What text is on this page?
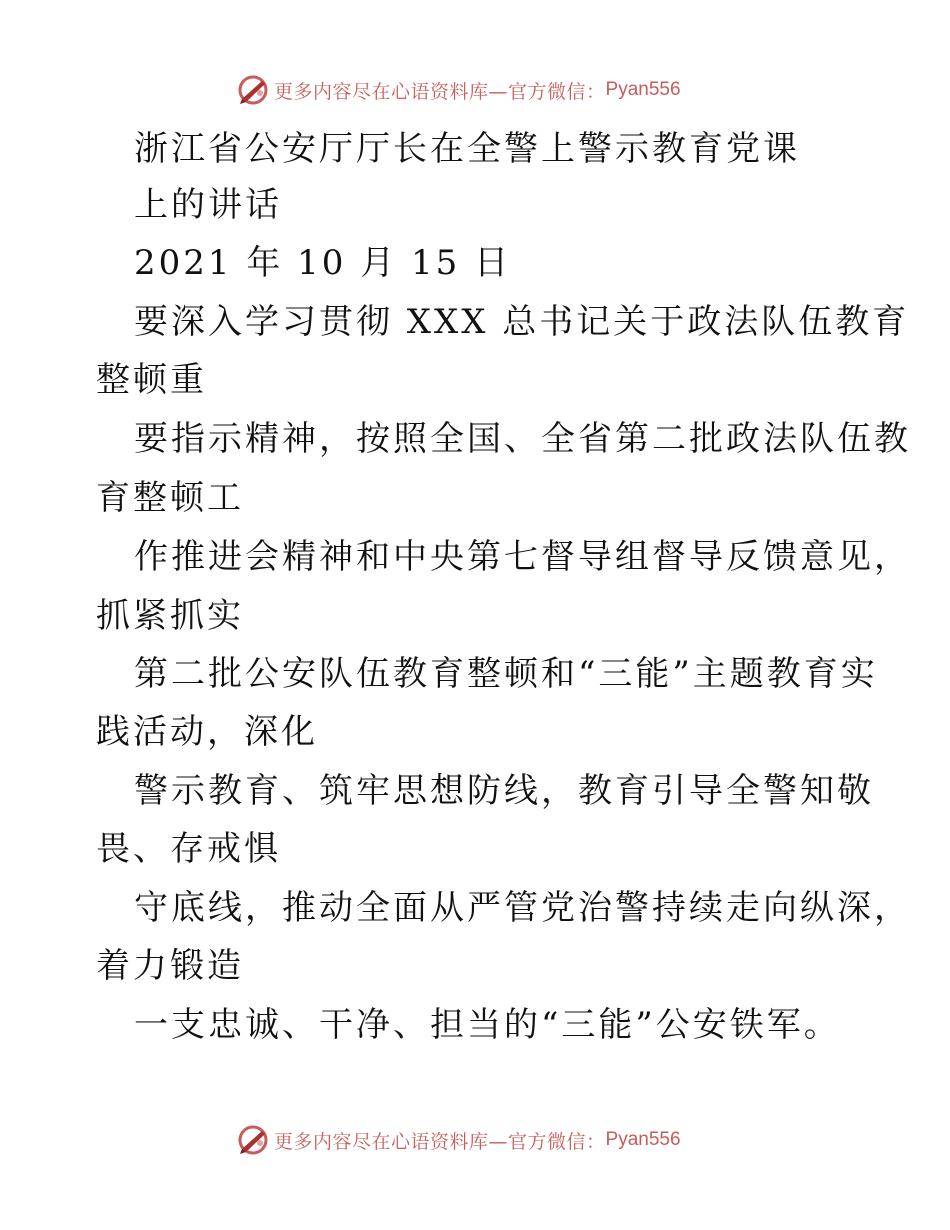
更多内容尽在心语资料库—官方微信： Pyan556
浙江省公安厅厅长在全警上警示教育党课
上的讲话
2021 年 10 月 15 日
要深入学习贯彻 XXX 总书记关于政法队伍教育
整顿重
要指示精神，按照全国、全省第二批政法队伍教
育整顿工
作推进会精神和中央第七督导组督导反馈意见，
抓紧抓实
第二批公安队伍教育整顿和“三能”主题教育实
践活动，深化
警示教育、筑牢思想防线，教育引导全警知敬
畏、存戒惧
守底线，推动全面从严管党治警持续走向纵深，
着力锻造
一支忠诚、干净、担当的“三能”公安铁军。
更多内容尽在心语资料库—官方微信： Pyan556
